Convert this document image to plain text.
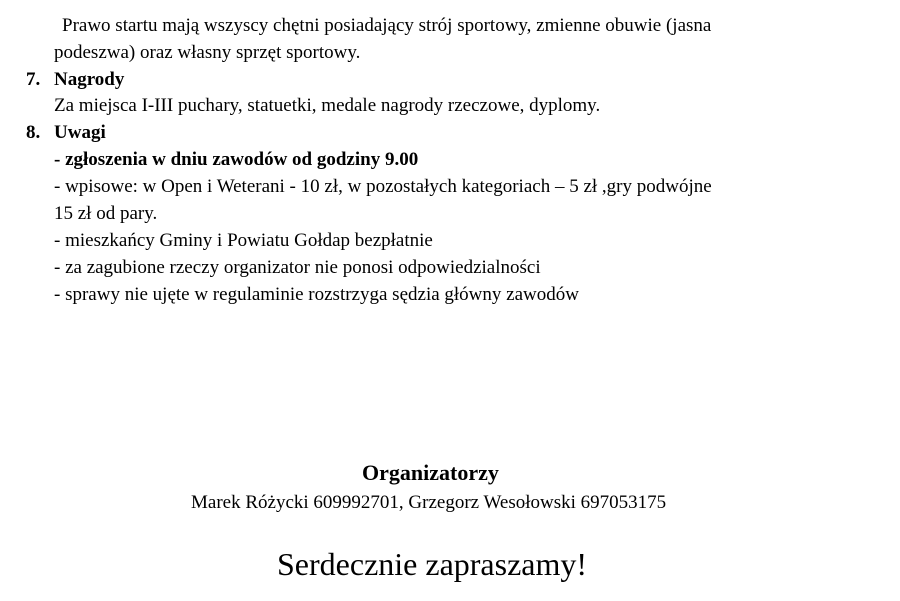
Prawo startu mają wszyscy chętni posiadający strój sportowy, zmienne obuwie (jasna
podeszwa) oraz własny sprzęt sportowy.
7. Nagrody
Za miejsca I-III puchary, statuetki, medale nagrody rzeczowe, dyplomy.
8. Uwagi
- zgłoszenia w dniu zawodów od godziny 9.00
- wpisowe: w Open i Weterani - 10 zł, w pozostałych kategoriach – 5 zł ,gry podwójne
15 zł od pary.
- mieszkańcy Gminy i Powiatu Gołdap bezpłatnie
- za zagubione rzeczy organizator nie ponosi odpowiedzialności
- sprawy nie ujęte w regulaminie rozstrzyga sędzia główny zawodów
Organizatorzy
Marek Różycki 609992701, Grzegorz Wesołowski 697053175
Serdecznie zapraszamy!
